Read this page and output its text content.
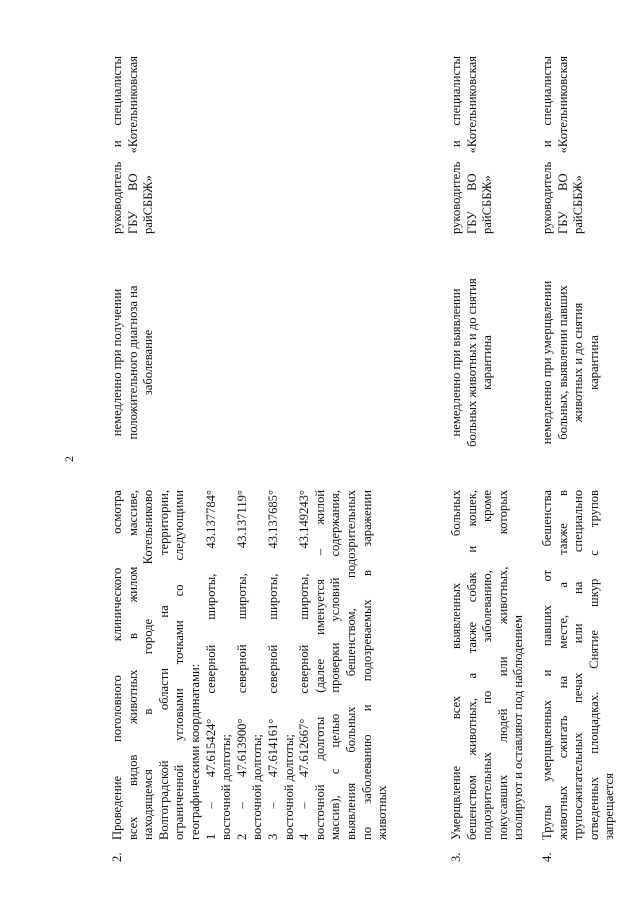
2
2.
Проведение поголовного клинического осмотра всех видов животных в жилом массиве, находящемся в городе Котельниково Волгоградской области на территории, ограниченной угловыми точками со следующими географическими координатами: 1 – 47.615424° северной широты, 43.137784° восточной долготы; 2 – 47.613900° северной широты, 43.137119° восточной долготы; 3 – 47.614161° северной широты, 43.137685° восточной долготы; 4 – 47.612667° северной широты, 43.149243° восточной долготы (далее именуется – жилой массив), с целью проверки условий содержания, выявления больных бешенством, подозрительных по заболеванию и подозреваемых в заражении животных
немедленно при получении положительного диагноза на заболевание
руководитель и специалисты ГБУ ВО «Котельниковская райСББЖ»
3.
Умерщвление всех выявленных больных бешенством животных, а также собак и кошек, подозрительных по заболеванию, кроме покусавших людей или животных, которых изолируют и оставляют под наблюдением
немедленно при выявлении больных животных и до снятия карантина
руководитель и специалисты ГБУ ВО «Котельниковская райСББЖ»
4.
Трупы умерщвленных и павших от бешенства животных сжигать на месте, а также в трупосжигательных печах или на специально отведенных площадках. Снятие шкур с трупов запрещается
немедленно при умерщвлении больных, выявлении павших животных и до снятия карантина
руководитель и специалисты ГБУ ВО «Котельниковская райСББЖ»
